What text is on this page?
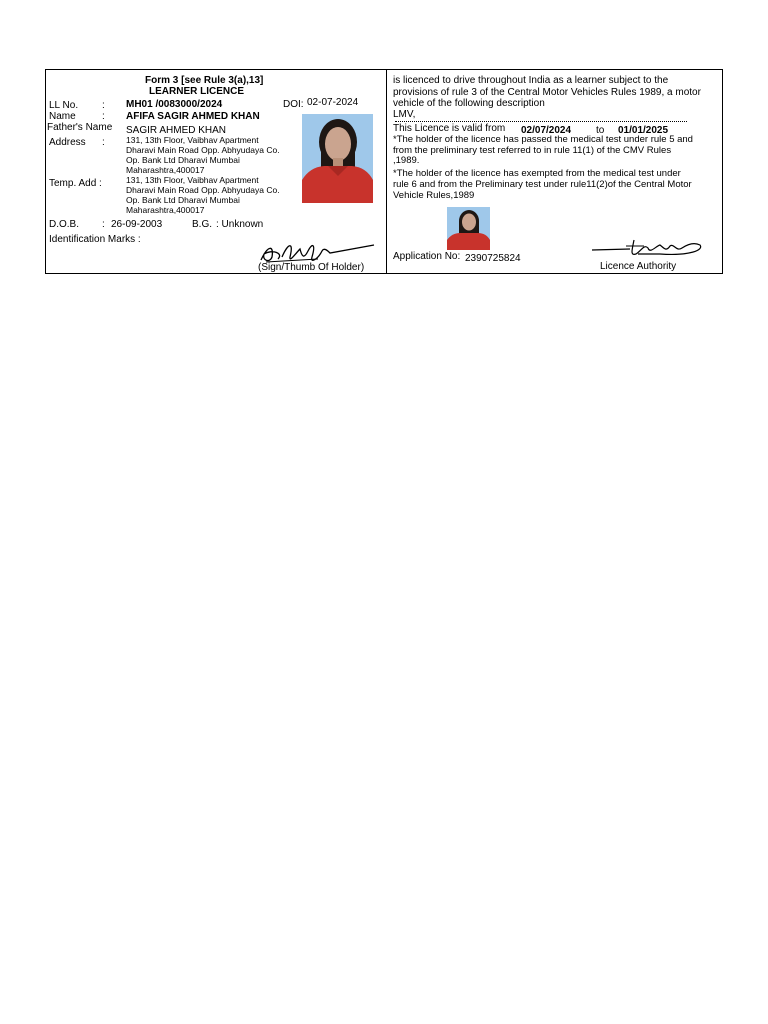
Form 3 [see Rule 3(a),13]
LEARNER LICENCE
LL No. : MH01 /0083000/2024	DOI: 02-07-2024
Name	: AFIFA SAGIR AHMED KHAN
Father's Name SAGIR AHMED KHAN
Address : 131, 13th Floor, Vaibhav Apartment
Dharavi Main Road Opp. Abhyudaya Co.
Op. Bank Ltd Dharavi Mumbai
Maharashtra,400017
Temp. Add :	131, 13th Floor, Vaibhav Apartment
Dharavi Main Road Opp. Abhyudaya Co.
Op. Bank Ltd Dharavi Mumbai
Maharashtra,400017
D.O.B. : 26-09-2003	B.G. : Unknown
Identification Marks :
(Sign/Thumb Of Holder)
is licenced to drive throughout India as a learner subject to the
provisions of rule 3 of the Central Motor Vehicles Rules 1989, a motor
vehicle of the following description
LMV,
This Licence is valid from 02/07/2024 to 01/01/2025
*The holder of the licence has passed the medical test under rule 5 and
from the preliminary test referred to in rule 11(1) of the CMV Rules
,1989.
*The holder of the licence has exempted from the medical test under
rule 6 and from the Preliminary test under rule11(2)of the Central Motor
Vehicle Rules,1989
Application No: 2390725824
Licence Authority
